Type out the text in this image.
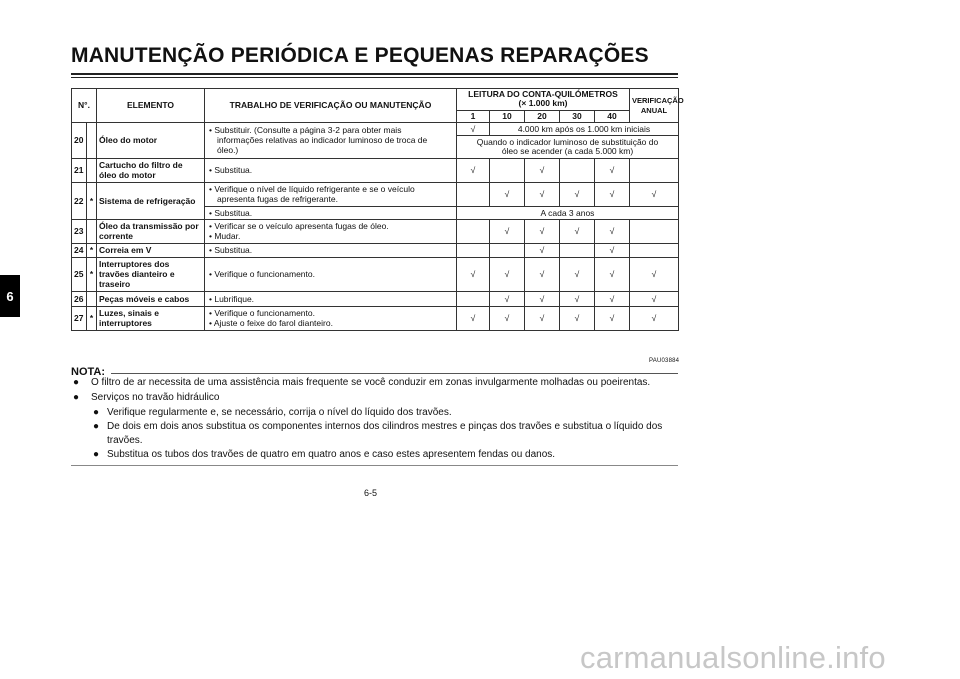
MANUTENÇÃO PERIÓDICA E PEQUENAS REPARAÇÕES
6
N°.		ELEMENTO	TRABALHO DE VERIFICAÇÃO OU MANUTENÇÃO	LEITURA DO CONTA-QUILÓMETROS
(× 1.000 km)					VERIFICAÇÃO
ANUAL
				1	10	20	30	40	
20		Óleo do motor	• Substituir. (Consulte a página 3-2 para obter mais
informações relativas ao indicador luminoso de troca de
óleo.)	√	4.000 km após os 1.000 km iniciais				
				Quando o indicador luminoso de substituição do
óleo se acender (a cada 5.000 km)					
21		Cartucho do filtro de
óleo do motor	• Substitua.	√		√		√	
22	*	Sistema de refrigeração	• Verifique o nível de líquido refrigerante e se o veículo
apresenta fugas de refrigerante.		√	√	√	√	√
			• Substitua.	A cada 3 anos					
23		Óleo da transmissão por
corrente	• Verificar se o veículo apresenta fugas de óleo.
• Mudar.		√	√	√	√	
24	*	Correia em V	• Substitua.			√		√	
25	*	Interruptores dos
travões dianteiro e
traseiro	• Verifique o funcionamento.	√	√	√	√	√	√
26		Peças móveis e cabos	• Lubrifique.		√	√	√	√	√
27	*	Luzes, sinais e
interruptores	• Verifique o funcionamento.
• Ajuste o feixe do farol dianteiro.	√	√	√	√	√	√
PAU03884
NOTA:
● O filtro de ar necessita de uma assistência mais frequente se você conduzir em zonas invulgarmente molhadas ou poeirentas.
● Serviços no travão hidráulico
● Verifique regularmente e, se necessário, corrija o nível do líquido dos travões.
● De dois em dois anos substitua os componentes internos dos cilindros mestres e pinças dos travões e substitua o líquido dos travões.
● Substitua os tubos dos travões de quatro em quatro anos e caso estes apresentem fendas ou danos.
6-5
carmanualsonline.info
